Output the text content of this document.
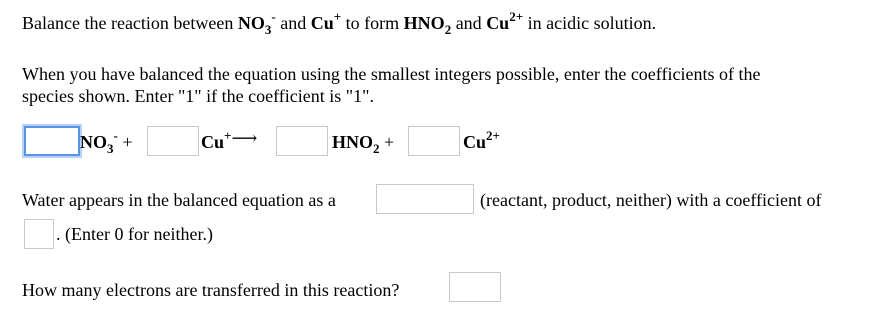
Balance the reaction between $NO_3^-$ and Cu+ to form $HNO_2$ and $Cu^{2+}$ in acidic solution.
When you have balanced the equation using the smallest integers possible, enter the coefficients of the
species shown. Enter "1" if the coefficient is "1".
$NO_3^-$ +	Cu+⟶	$HNO_2$ +	$Cu^{2+}$
Water appears in the balanced equation as a	(reactant, product, neither) with a coefficient of
. (Enter 0 for neither.)
How many electrons are transferred in this reaction?
